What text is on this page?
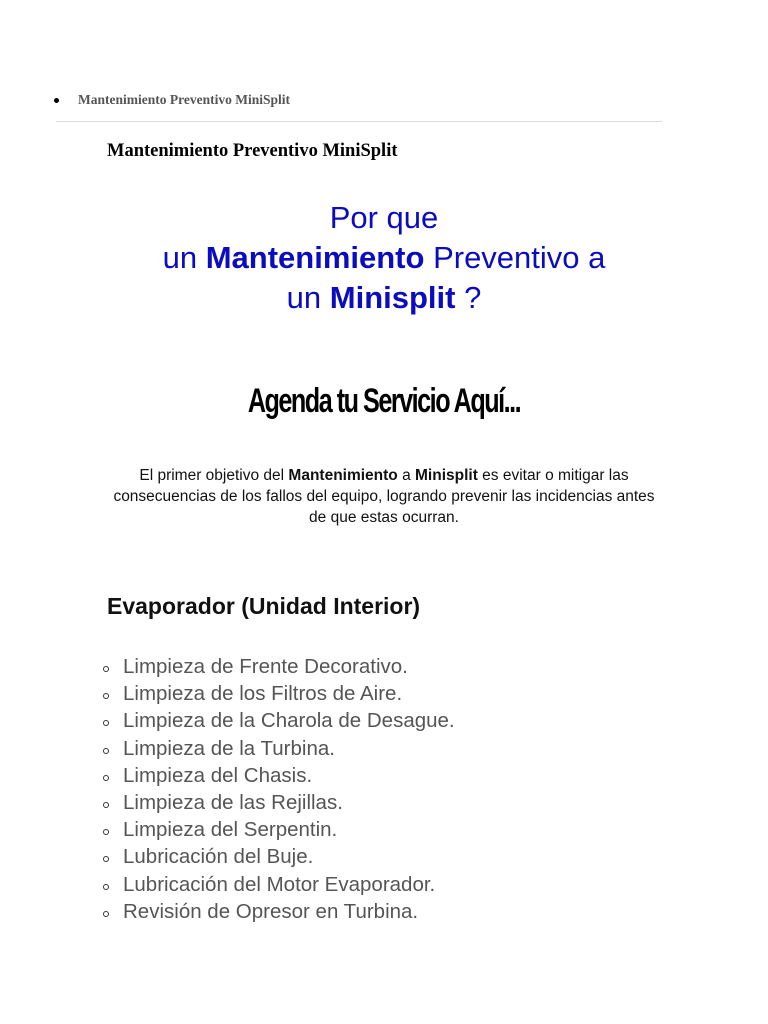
Mantenimiento Preventivo MiniSplit
Mantenimiento Preventivo MiniSplit
Por que
un Mantenimiento Preventivo a
un Minisplit ?
Agenda tu Servicio Aquí...

El primer objetivo del Mantenimiento a Minisplit es evitar o mitigar las consecuencias de los fallos del equipo, logrando prevenir las incidencias antes de que estas ocurran.

Evaporador (Unidad Interior)
Limpieza de Frente Decorativo.
Limpieza de los Filtros de Aire.
Limpieza de la Charola de Desague.
Limpieza de la Turbina.
Limpieza del Chasis.
Limpieza de las Rejillas.
Limpieza del Serpentin.
Lubricación del Buje.
Lubricación del Motor Evaporador.
Revisión de Opresor en Turbina.
